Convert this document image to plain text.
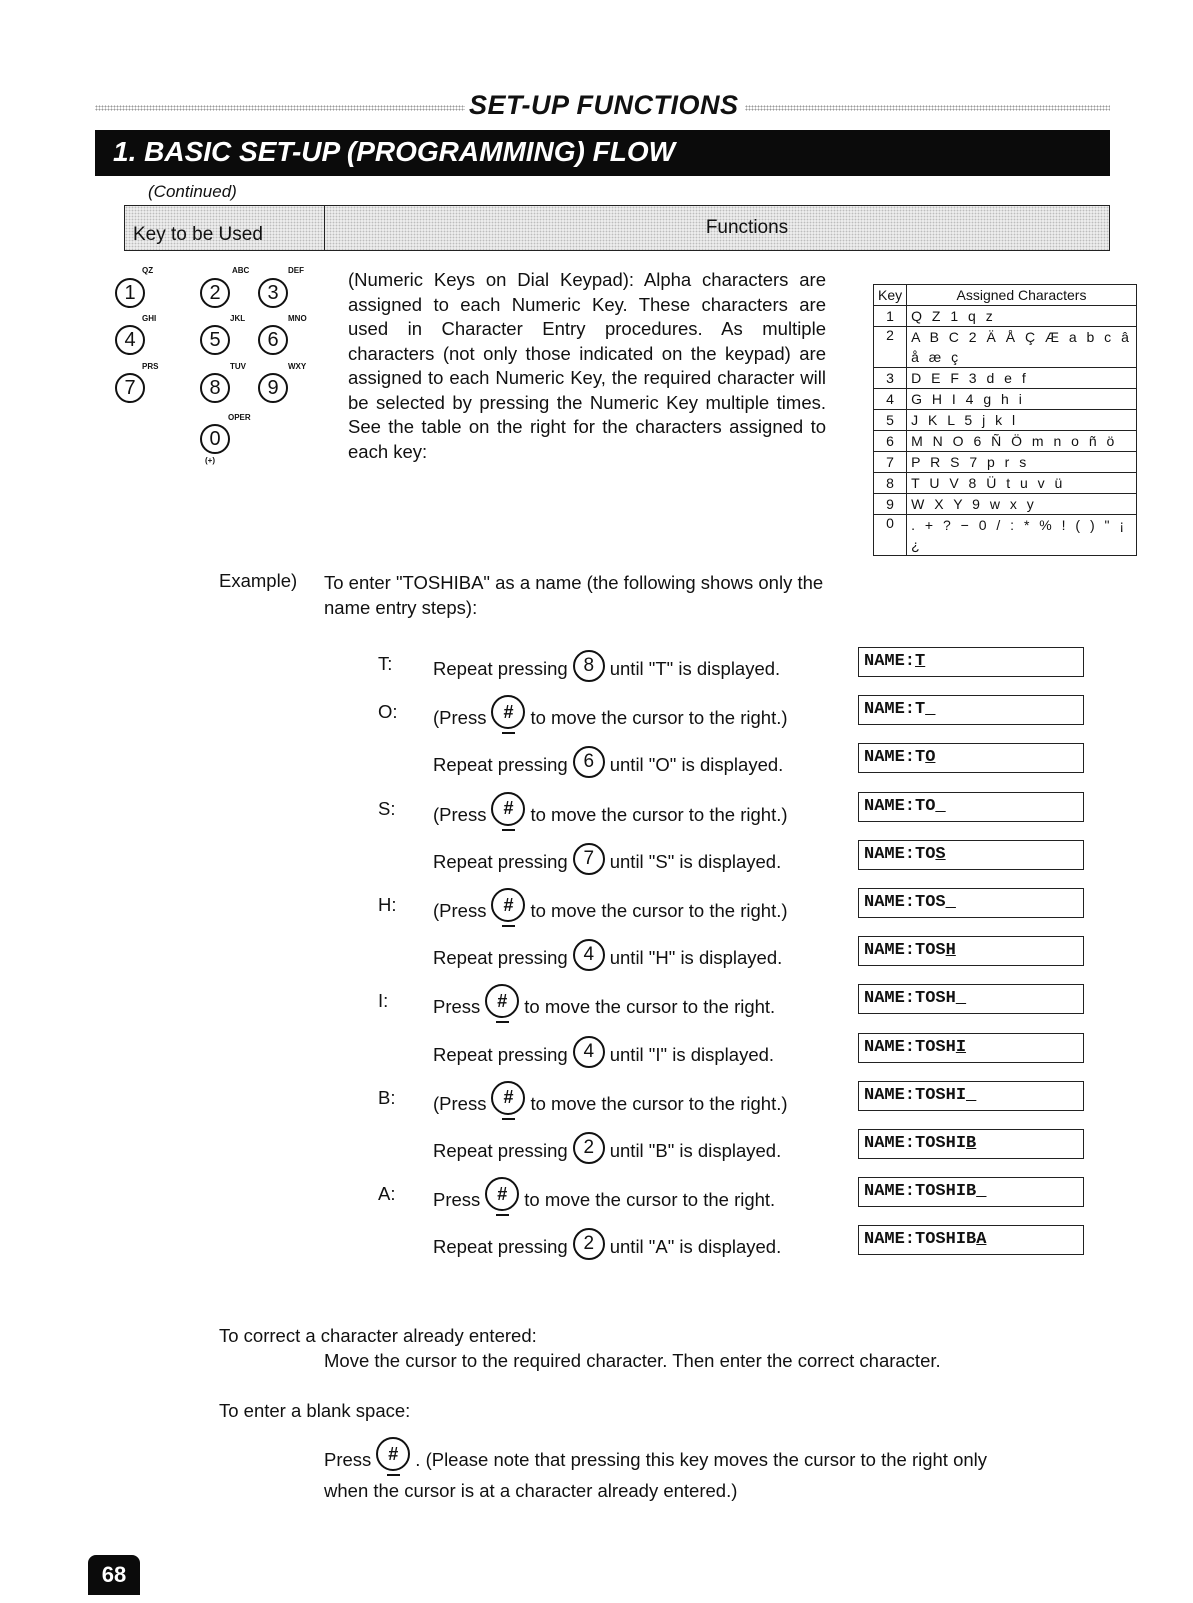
SET-UP FUNCTIONS
1. BASIC SET-UP (PROGRAMMING) FLOW
(Continued)
Key to be Used	Functions
1
QZ
2
ABC
3
DEF
4
GHI
5
JKL
6
MNO
7
PRS
8
TUV
9
WXY
0
OPER
(+)
(Numeric Keys on Dial Keypad): Alpha characters are assigned to each Numeric Key. These characters are used in Character Entry procedures. As multiple characters (not only those indicated on the keypad) are assigned to each Numeric Key, the required character will be selected by pressing the Numeric Key multiple times. See the table on the right for the characters assigned to each key:
Key	Assigned Characters
1	Q Z 1 q z
2	A B C 2 Ä Å Ç Æ a b c â
	å æ ç
3	D E F 3 d e f
4	G H I 4 g h i
5	J K L 5 j k l
6	M N O 6 Ñ Ö m n o ñ ö
7	P R S 7 p r s
8	T U V 8 Ü t u v ü
9	W X Y 9 w x y
0	. + ? − 0 / : * % ! ( ) " ¡
	¿
Example) To enter "TOSHIBA" as a name (the following shows only the name entry steps):
T: Repeat pressing 8 until "T" is displayed.	NAME:T
O: (Press # to move the cursor to the right.)	NAME:T_
Repeat pressing 6 until "O" is displayed.	NAME:TO
S: (Press # to move the cursor to the right.)	NAME:TO_
Repeat pressing 7 until "S" is displayed.	NAME:TOS
H: (Press # to move the cursor to the right.)	NAME:TOS_
Repeat pressing 4 until "H" is displayed.	NAME:TOSH
I: Press # to move the cursor to the right.	NAME:TOSH_
Repeat pressing 4 until "I" is displayed.	NAME:TOSHI
B: (Press # to move the cursor to the right.)	NAME:TOSHI_
Repeat pressing 2 until "B" is displayed.	NAME:TOSHIB
A: Press # to move the cursor to the right.	NAME:TOSHIB_
Repeat pressing 2 until "A" is displayed.	NAME:TOSHIBA
To correct a character already entered:
Move the cursor to the required character. Then enter the correct character.
To enter a blank space:
Press # . (Please note that pressing this key moves the cursor to the right only
when the cursor is at a character already entered.)
68
